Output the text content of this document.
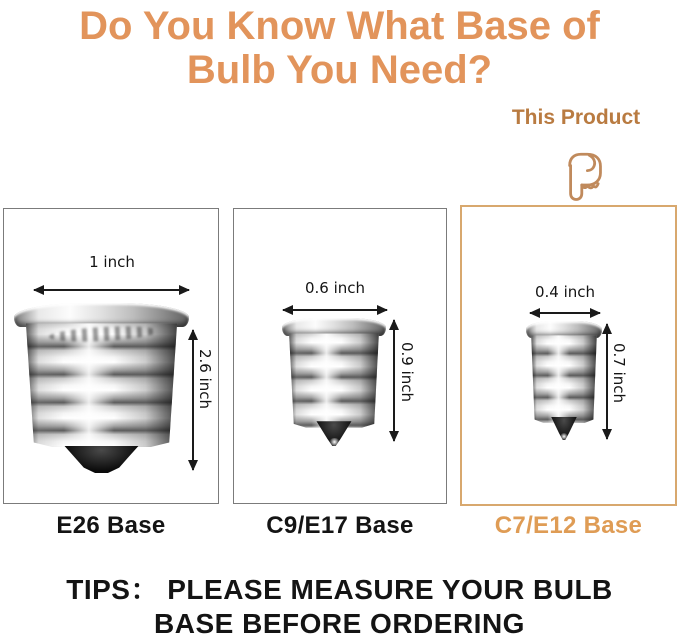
Do You Know What Base of
Bulb You Need?
This Product
1 inch
2.6 inch
0.6 inch
0.9 inch
0.4 inch
0.7 inch
E26 Base	C9/E17 Base	C7/E12 Base
TIPS： PLEASE MEASURE YOUR BULB
BASE BEFORE ORDERING
